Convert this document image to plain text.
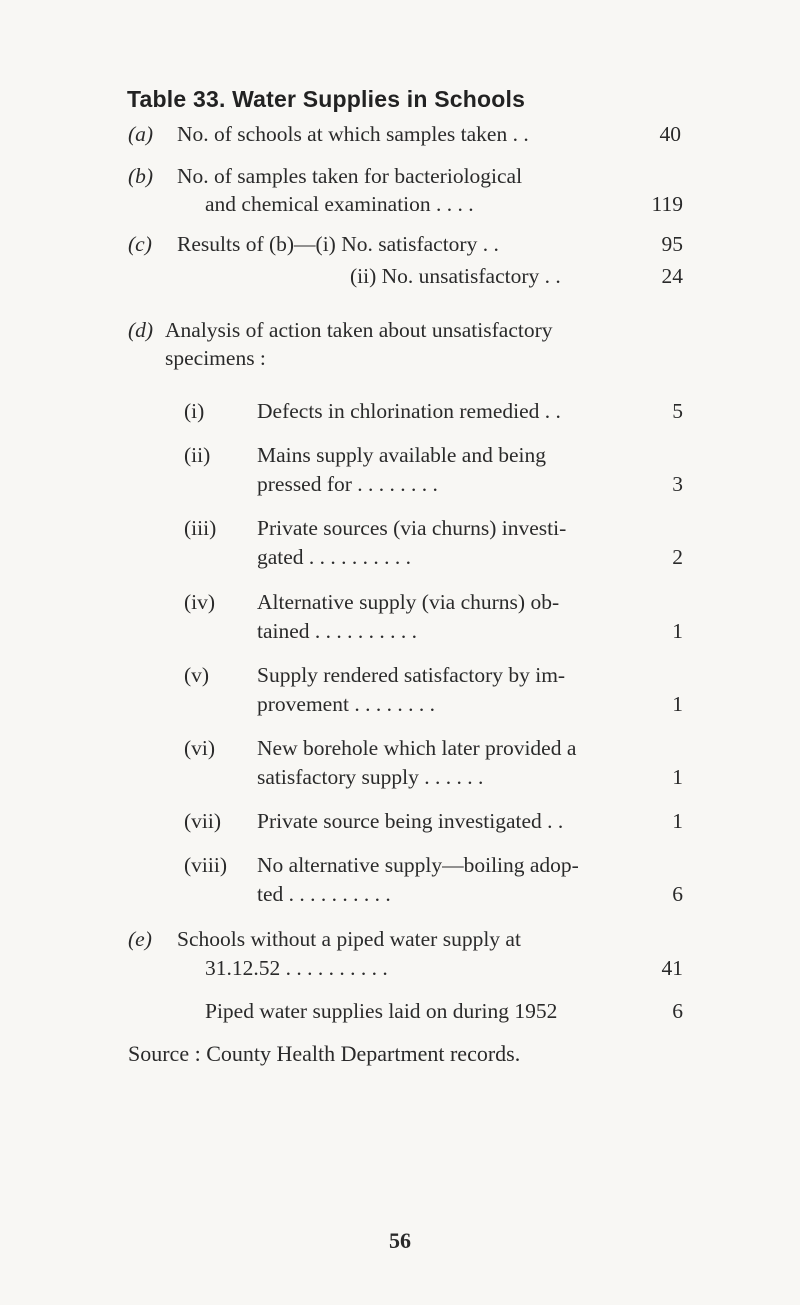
Table 33. Water Supplies in Schools
(a) No. of schools at which samples taken . .	40
(b) No. of samples taken for bacteriological
and chemical examination . . . .	119
(c) Results of (b)—(i) No. satisfactory . .	95
(ii) No. unsatisfactory . .	24
(d) Analysis of action taken about unsatisfactory
specimens :
(i) Defects in chlorination remedied . .	5
(ii) Mains supply available and being
pressed for . . . . . . . .	3
(iii) Private sources (via churns) investi-
gated . . . . . . . . . .	2
(iv) Alternative supply (via churns) ob-
tained . . . . . . . . . .	1
(v) Supply rendered satisfactory by im-
provement . . . . . . . .	1
(vi) New borehole which later provided a
satisfactory supply . . . . . .	1
(vii) Private source being investigated . .	1
(viii) No alternative supply—boiling adop-
ted . . . . . . . . . .	6
(e) Schools without a piped water supply at
31.12.52 . . . . . . . . . .	41
Piped water supplies laid on during 1952	6
Source : County Health Department records.
56
